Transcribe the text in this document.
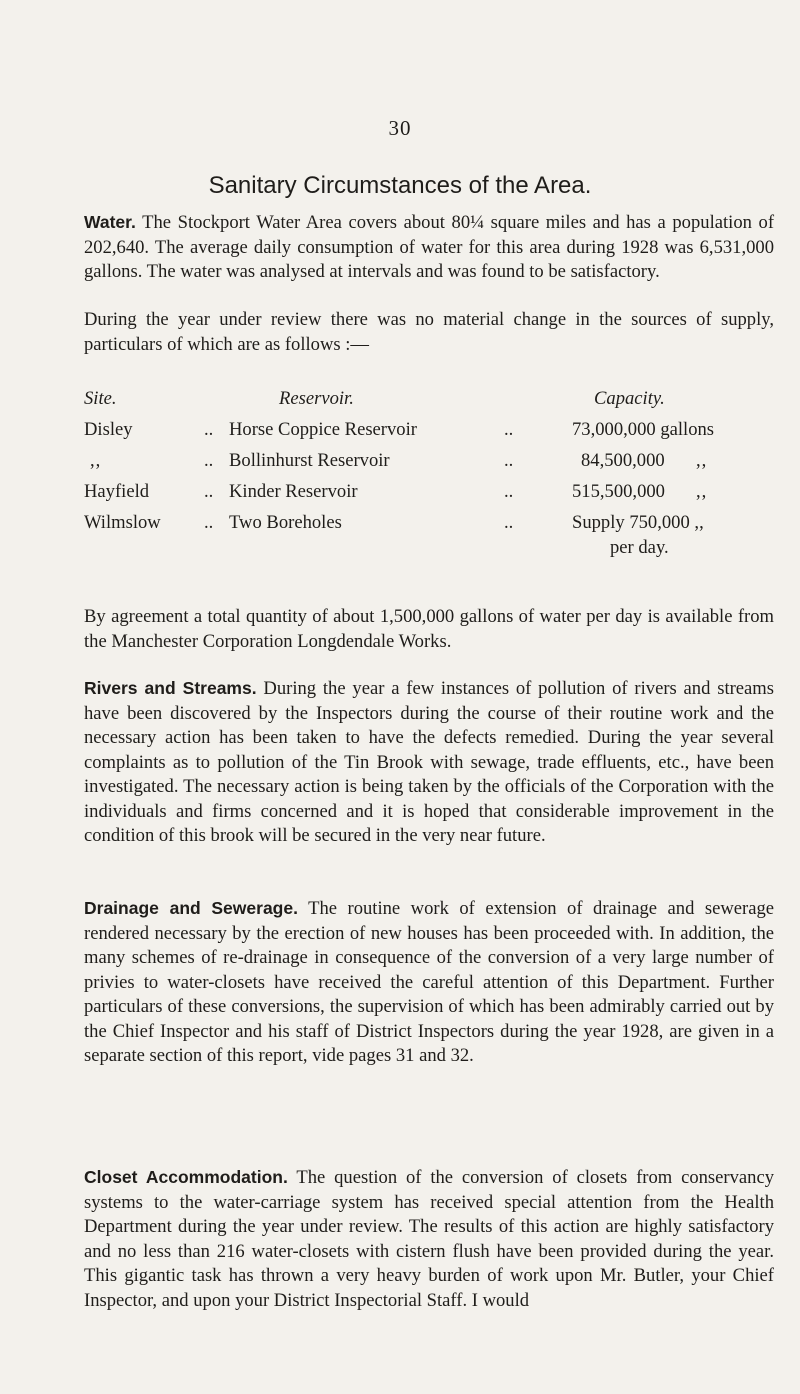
30
Sanitary Circumstances of the Area.

Water. The Stockport Water Area covers about 80¼ square miles and has a population of 202,640. The average daily consumption of water for this area during 1928 was 6,531,000 gallons. The water was analysed at intervals and was found to be satisfactory.

During the year under review there was no material change in the sources of supply, particulars of which are as follows :—

Site.	Reservoir.	Capacity.
Disley	.. Horse Coppice Reservoir	..	73,000,000 gallons
,,	.. Bollinhurst Reservoir	..	84,500,000 ,,
Hayfield	.. Kinder Reservoir	..	515,500,000 ,,
Wilmslow .. Two Boreholes	..	Supply 750,000 ,,
per day.

By agreement a total quantity of about 1,500,000 gallons of water per day is available from the Manchester Corporation Longdendale Works.

Rivers and Streams. During the year a few instances of pollution of rivers and streams have been discovered by the Inspectors during the course of their routine work and the necessary action has been taken to have the defects remedied. During the year several complaints as to pollution of the Tin Brook with sewage, trade effluents, etc., have been investigated. The necessary action is being taken by the officials of the Corporation with the individuals and firms concerned and it is hoped that considerable improvement in the condition of this brook will be secured in the very near future.

Drainage and Sewerage. The routine work of extension of drainage and sewerage rendered necessary by the erection of new houses has been proceeded with. In addition, the many schemes of re-drainage in consequence of the conversion of a very large number of privies to water-closets have received the careful attention of this Department. Further particulars of these conversions, the supervision of which has been admirably carried out by the Chief Inspector and his staff of District Inspectors during the year 1928, are given in a separate section of this report, vide pages 31 and 32.

Closet Accommodation. The question of the conversion of closets from conservancy systems to the water-carriage system has received special attention from the Health Department during the year under review. The results of this action are highly satisfactory and no less than 216 water-closets with cistern flush have been provided during the year. This gigantic task has thrown a very heavy burden of work upon Mr. Butler, your Chief Inspector, and upon your District Inspectorial Staff. I would
